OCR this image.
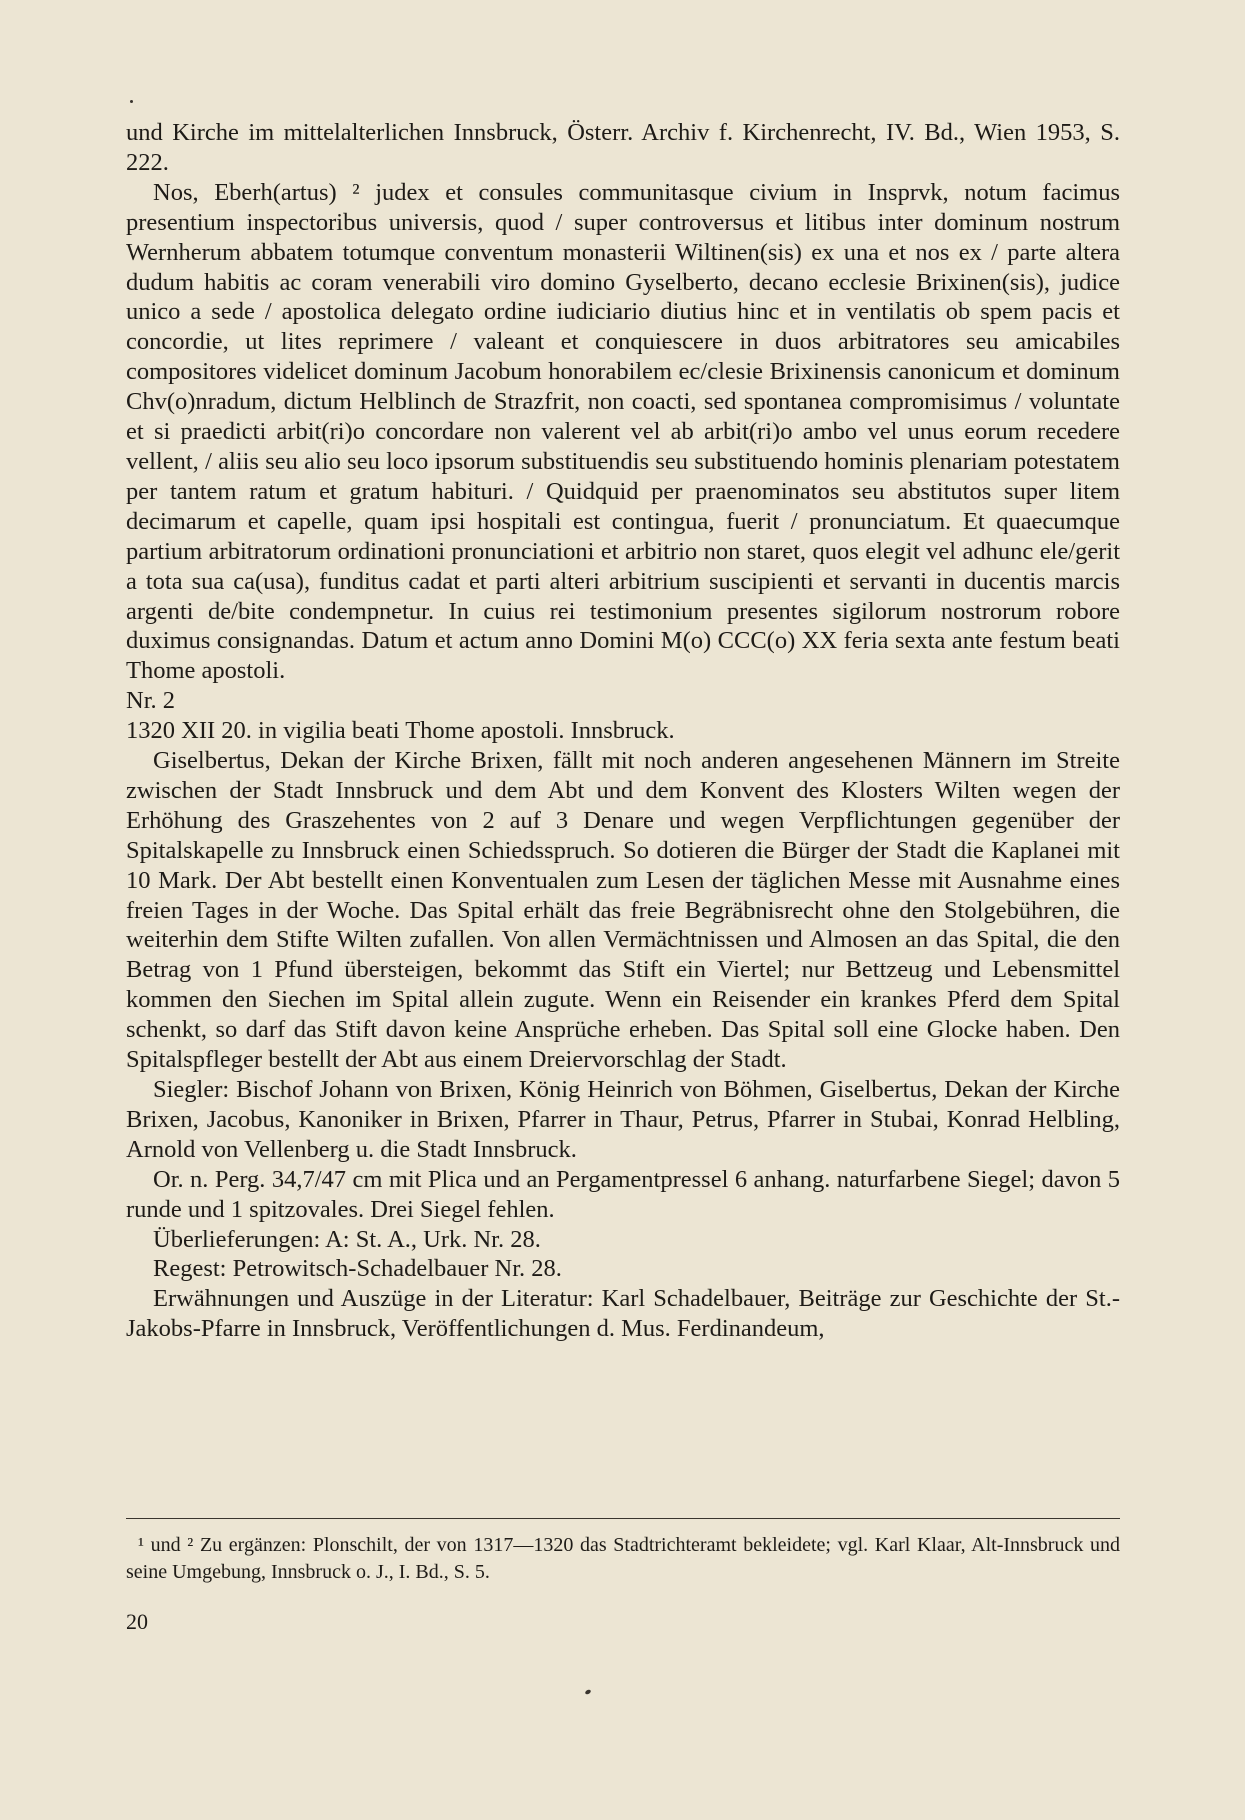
und Kirche im mittelalterlichen Innsbruck, Österr. Archiv f. Kirchenrecht, IV. Bd., Wien 1953, S. 222.

Nos, Eberh(artus) ² judex et consules communitasque civium in Insprvk, notum facimus presentium inspectoribus universis, quod / super controversus et litibus inter dominum nostrum Wernherum abbatem totumque conventum monasterii Wiltinen(sis) ex una et nos ex / parte altera dudum habitis ac coram venerabili viro domino Gyselberto, decano ecclesie Brixinen(sis), judice unico a sede / apostolica delegato ordine iudiciario diutius hinc et in ventilatis ob spem pacis et concordie, ut lites reprimere / valeant et conquiescere in duos arbitratores seu amicabiles compositores videlicet dominum Jacobum honorabilem ec/clesie Brixinensis canonicum et dominum Chv(o)nradum, dictum Helblinch de Strazfrit, non coacti, sed spontanea compromisimus / voluntate et si praedicti arbit(ri)o concordare non valerent vel ab arbit(ri)o ambo vel unus eorum recedere vellent, / aliis seu alio seu loco ipsorum substituendis seu substituendo hominis plenariam potestatem per tantem ratum et gratum habituri. / Quidquid per praenominatos seu abstitutos super litem decimarum et capelle, quam ipsi hospitali est contingua, fuerit / pronunciatum. Et quaecumque partium arbitratorum ordinationi pronunciationi et arbitrio non staret, quos elegit vel adhunc ele/gerit a tota sua ca(usa), funditus cadat et parti alteri arbitrium suscipienti et servanti in ducentis marcis argenti de/bite condempnetur. In cuius rei testimonium presentes sigilorum nostrorum robore duximus consignandas. Datum et actum anno Domini M(o) CCC(o) XX feria sexta ante festum beati Thome apostoli.

Nr. 2

1320 XII 20. in vigilia beati Thome apostoli. Innsbruck.

Giselbertus, Dekan der Kirche Brixen, fällt mit noch anderen angesehenen Männern im Streite zwischen der Stadt Innsbruck und dem Abt und dem Konvent des Klosters Wilten wegen der Erhöhung des Graszehentes von 2 auf 3 Denare und wegen Verpflichtungen gegenüber der Spitalskapelle zu Innsbruck einen Schiedsspruch. So dotieren die Bürger der Stadt die Kaplanei mit 10 Mark. Der Abt bestellt einen Konventualen zum Lesen der täglichen Messe mit Ausnahme eines freien Tages in der Woche. Das Spital erhält das freie Begräbnisrecht ohne den Stolgebühren, die weiterhin dem Stifte Wilten zufallen. Von allen Vermächtnissen und Almosen an das Spital, die den Betrag von 1 Pfund übersteigen, bekommt das Stift ein Viertel; nur Bettzeug und Lebensmittel kommen den Siechen im Spital allein zugute. Wenn ein Reisender ein krankes Pferd dem Spital schenkt, so darf das Stift davon keine Ansprüche erheben. Das Spital soll eine Glocke haben. Den Spitalspfleger bestellt der Abt aus einem Dreiervorschlag der Stadt.

Siegler: Bischof Johann von Brixen, König Heinrich von Böhmen, Giselbertus, Dekan der Kirche Brixen, Jacobus, Kanoniker in Brixen, Pfarrer in Thaur, Petrus, Pfarrer in Stubai, Konrad Helbling, Arnold von Vellenberg u. die Stadt Innsbruck.

Or. n. Perg. 34,7/47 cm mit Plica und an Pergamentpressel 6 anhang. naturfarbene Siegel; davon 5 runde und 1 spitzovales. Drei Siegel fehlen.

Überlieferungen: A: St. A., Urk. Nr. 28.

Regest: Petrowitsch-Schadelbauer Nr. 28.

Erwähnungen und Auszüge in der Literatur: Karl Schadelbauer, Beiträge zur Geschichte der St.-Jakobs-Pfarre in Innsbruck, Veröffentlichungen d. Mus. Ferdinandeum,

¹ und ² Zu ergänzen: Plonschilt, der von 1317—1320 das Stadtrichteramt bekleidete; vgl. Karl Klaar, Alt-Innsbruck und seine Umgebung, Innsbruck o. J., I. Bd., S. 5.

20
